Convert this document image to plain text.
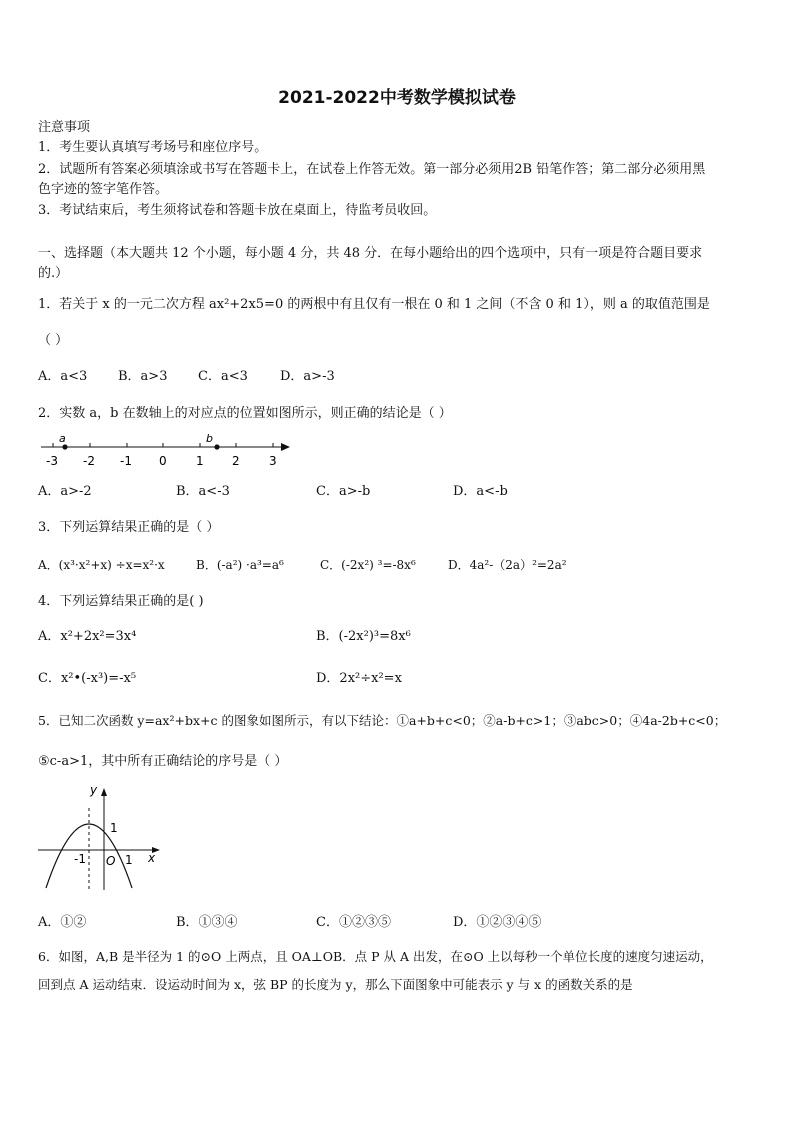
2021-2022中考数学模拟试卷
注意事项
1．考生要认真填写考场号和座位序号。
2．试题所有答案必须填涂或书写在答题卡上，在试卷上作答无效。第一部分必须用2B 铅笔作答；第二部分必须用黑
色字迹的签字笔作答。
3．考试结束后，考生须将试卷和答题卡放在桌面上，待监考员收回。
一、选择题（本大题共 12 个小题，每小题 4 分，共 48 分．在每小题给出的四个选项中，只有一项是符合题目要求
的.）
1．若关于 x 的一元二次方程 ax²+2x5=0 的两根中有且仅有一根在 0 和 1 之间（不含 0 和 1），则 a 的取值范围是
（ ）
A．a<3 B．a>3 C．a<3 D．a>-3
2．实数 a，b 在数轴上的对应点的位置如图所示，则正确的结论是（ ）
a	b
-3 -2 -1 0 1 2 3
A．a>-2	B．a<-3	C．a>-b	D．a<-b
3．下列运算结果正确的是（ ）
A．(x³·x²+x) ÷x=x²·x	B．(-a²) ·a³=a⁶	C．(-2x²) ³=-8x⁶	D．4a²-（2a）²=2a²
4．下列运算结果正确的是( )
A．x²+2x²=3x⁴	B．(-2x²)³=8x⁶
C．x²•(-x³)=-x⁵	D．2x²÷x²=x
5．已知二次函数 y=ax²+bx+c 的图象如图所示，有以下结论：①a+b+c<0；②a-b+c>1；③abc>0；④4a-2b+c<0；
⑤c-a>1，其中所有正确结论的序号是（ ）
y
x
O
1
-1	1
A．①②	B．①③④	C．①②③⑤	D．①②③④⑤
6．如图，A,B 是半径为 1 的⊙O 上两点，且 OA⊥OB．点 P 从 A 出发，在⊙O 上以每秒一个单位长度的速度匀速运动，
回到点 A 运动结束．设运动时间为 x，弦 BP 的长度为 y，那么下面图象中可能表示 y 与 x 的函数关系的是
